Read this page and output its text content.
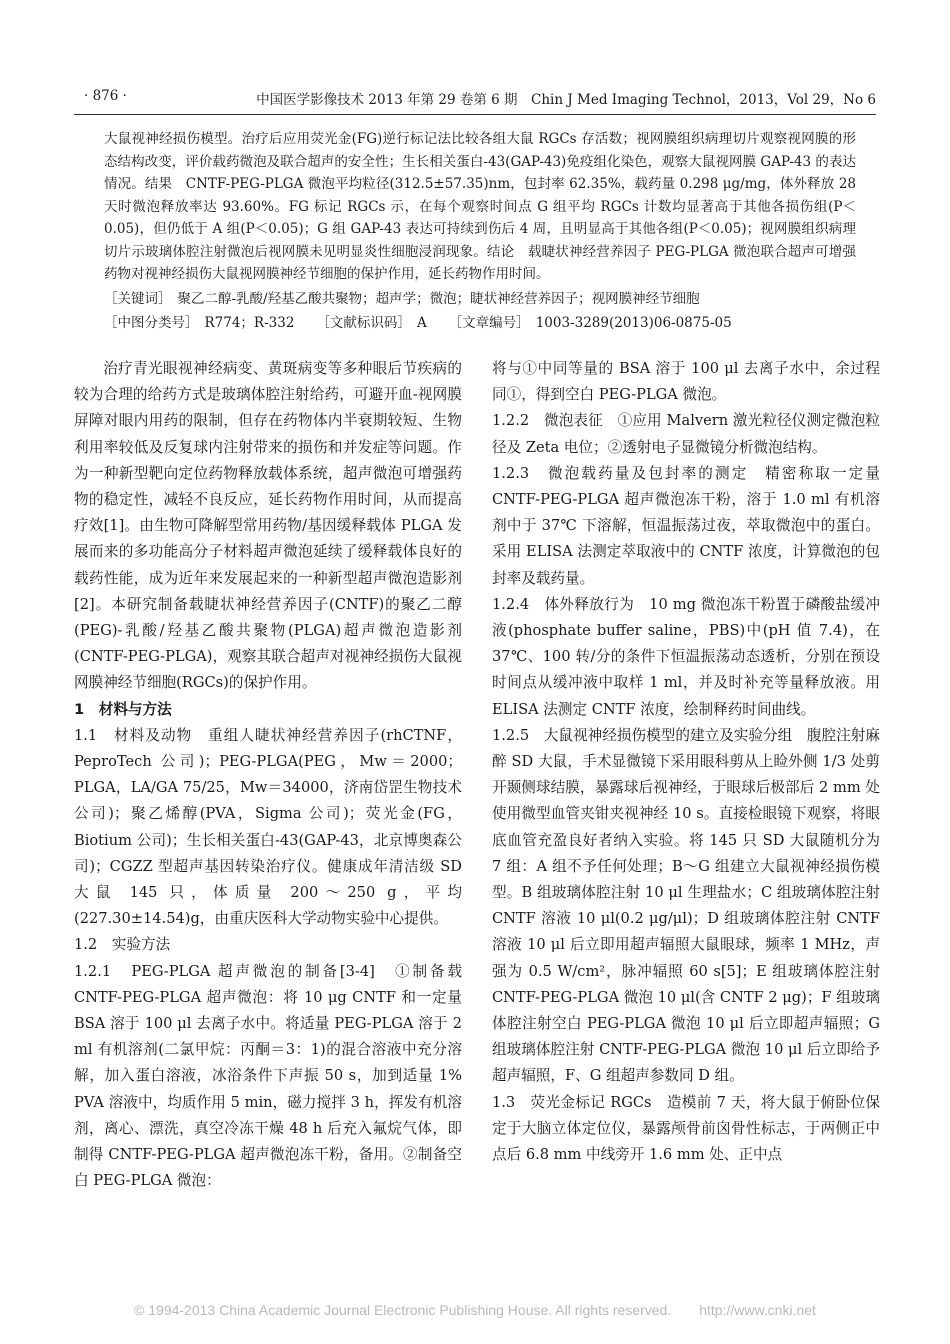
· 876 ·	中国医学影像技术 2013 年第 29 卷第 6 期　Chin J Med Imaging Technol，2013，Vol 29，No 6

大鼠视神经损伤模型。治疗后应用荧光金(FG)逆行标记法比较各组大鼠 RGCs 存活数；视网膜组织病理切片观察视网膜的形态结构改变，评价载药微泡及联合超声的安全性；生长相关蛋白-43(GAP-43)免疫组化染色，观察大鼠视网膜 GAP-43 的表达情况。结果　CNTF-PEG-PLGA 微泡平均粒径(312.5±57.35)nm，包封率 62.35%，载药量 0.298 μg/mg，体外释放 28 天时微泡释放率达 93.60%。FG 标记 RGCs 示，在每个观察时间点 G 组平均 RGCs 计数均显著高于其他各损伤组(P＜0.05)，但仍低于 A 组(P＜0.05)；G 组 GAP-43 表达可持续到伤后 4 周，且明显高于其他各组(P＜0.05)；视网膜组织病理切片示玻璃体腔注射微泡后视网膜未见明显炎性细胞浸润现象。结论　载睫状神经营养因子 PEG-PLGA 微泡联合超声可增强药物对视神经损伤大鼠视网膜神经节细胞的保护作用，延长药物作用时间。

［关键词］ 聚乙二醇-乳酸/羟基乙酸共聚物；超声学；微泡；睫状神经营养因子；视网膜神经节细胞

［中图分类号］ R774；R-332 ［文献标识码］ A ［文章编号］ 1003-3289(2013)06-0875-05

治疗青光眼视神经病变、黄斑病变等多种眼后节疾病的较为合理的给药方式是玻璃体腔注射给药，可避开血-视网膜屏障对眼内用药的限制，但存在药物体内半衰期较短、生物利用率较低及反复球内注射带来的损伤和并发症等问题。作为一种新型靶向定位药物释放载体系统，超声微泡可增强药物的稳定性，减轻不良反应，延长药物作用时间，从而提高疗效[1]。由生物可降解型常用药物/基因缓释载体 PLGA 发展而来的多功能高分子材料超声微泡延续了缓释载体良好的载药性能，成为近年来发展起来的一种新型超声微泡造影剂[2]。本研究制备载睫状神经营养因子(CNTF)的聚乙二醇(PEG)-乳酸/羟基乙酸共聚物(PLGA)超声微泡造影剂(CNTF-PEG-PLGA)，观察其联合超声对视神经损伤大鼠视网膜神经节细胞(RGCs)的保护作用。

1　材料与方法

1.1　材料及动物　 重组人睫状神经营养因子(rhCTNF，PeproTech 公司)；PEG-PLGA(PEG，Mw＝2000；PLGA，LA/GA 75/25，Mw＝34000，济南岱罡生物技术公司)；聚乙烯醇(PVA，Sigma 公司)；荧光金(FG，Biotium 公司)；生长相关蛋白-43(GAP-43，北京博奥森公司)；CGZZ 型超声基因转染治疗仪。健康成年清洁级 SD 大鼠 145 只，体质量 200～250 g，平均(227.30±14.54)g，由重庆医科大学动物实验中心提供。

1.2　实验方法

1.2.1　PEG-PLGA 超声微泡的制备[3-4]　 ①制备载 CNTF-PEG-PLGA 超声微泡：将 10 μg CNTF 和一定量 BSA 溶于 100 μl 去离子水中。将适量 PEG-PLGA 溶于 2 ml 有机溶剂(二氯甲烷：丙酮＝3：1)的混合溶液中充分溶解，加入蛋白溶液，冰浴条件下声振 50 s，加到适量 1% PVA 溶液中，均质作用 5 min，磁力搅拌 3 h，挥发有机溶剂，离心、漂洗，真空冷冻干燥 48 h 后充入氟烷气体，即制得 CNTF-PEG-PLGA 超声微泡冻干粉，备用。②制备空白 PEG-PLGA 微泡：

将与①中同等量的 BSA 溶于 100 μl 去离子水中，余过程同①，得到空白 PEG-PLGA 微泡。

1.2.2　微泡表征　 ①应用 Malvern 激光粒径仪测定微泡粒径及 Zeta 电位；②透射电子显微镜分析微泡结构。

1.2.3　微泡载药量及包封率的测定　 精密称取一定量 CNTF-PEG-PLGA 超声微泡冻干粉，溶于 1.0 ml 有机溶剂中于 37℃ 下溶解，恒温振荡过夜，萃取微泡中的蛋白。采用 ELISA 法测定萃取液中的 CNTF 浓度，计算微泡的包封率及载药量。

1.2.4　体外释放行为　 10 mg 微泡冻干粉置于磷酸盐缓冲液(phosphate buffer saline，PBS)中(pH 值 7.4)，在 37℃、100 转/分的条件下恒温振荡动态透析，分别在预设时间点从缓冲液中取样 1 ml，并及时补充等量释放液。用 ELISA 法测定 CNTF 浓度，绘制释药时间曲线。

1.2.5　大鼠视神经损伤模型的建立及实验分组　 腹腔注射麻醉 SD 大鼠，手术显微镜下采用眼科剪从上睑外侧 1/3 处剪开颞侧球结膜，暴露球后视神经，于眼球后极部后 2 mm 处使用微型血管夹钳夹视神经 10 s。直接检眼镜下观察，将眼底血管充盈良好者纳入实验。将 145 只 SD 大鼠随机分为 7 组：A 组不予任何处理；B～G 组建立大鼠视神经损伤模型。B 组玻璃体腔注射 10 μl 生理盐水；C 组玻璃体腔注射 CNTF 溶液 10 μl(0.2 μg/μl)；D 组玻璃体腔注射 CNTF 溶液 10 μl 后立即用超声辐照大鼠眼球，频率 1 MHz，声强为 0.5 W/cm²，脉冲辐照 60 s[5]；E 组玻璃体腔注射 CNTF-PEG-PLGA 微泡 10 μl(含 CNTF 2 μg)；F 组玻璃体腔注射空白 PEG-PLGA 微泡 10 μl 后立即超声辐照；G 组玻璃体腔注射 CNTF-PEG-PLGA 微泡 10 μl 后立即给予超声辐照，F、G 组超声参数同 D 组。

1.3　荧光金标记 RGCs　 造模前 7 天，将大鼠于俯卧位保定于大脑立体定位仪，暴露颅骨前囟骨性标志，于两侧正中点后 6.8 mm 中线旁开 1.6 mm 处、正中点

© 1994-2013 China Academic Journal Electronic Publishing House. All rights reserved.　　http://www.cnki.net
